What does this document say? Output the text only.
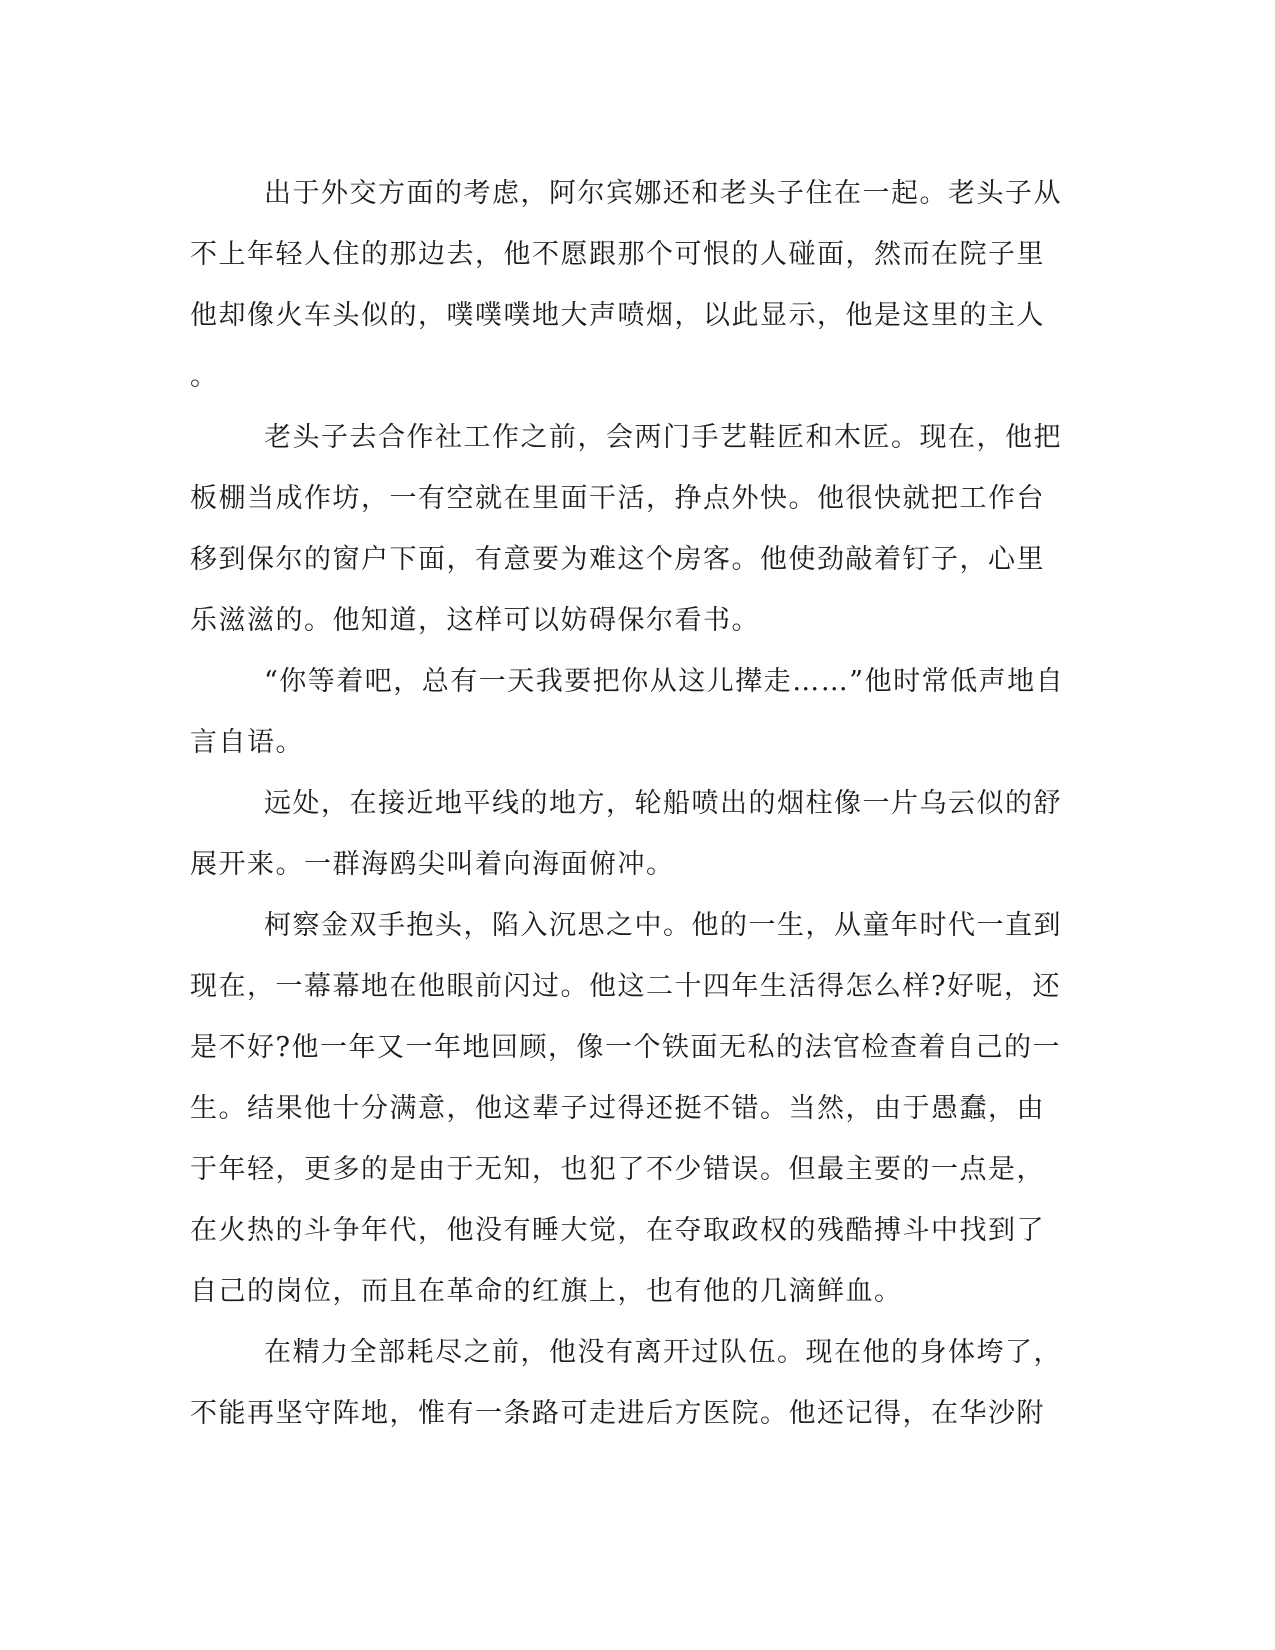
出于外交方面的考虑，阿尔宾娜还和老头子住在一起。老头子从
不上年轻人住的那边去，他不愿跟那个可恨的人碰面，然而在院子里
他却像火车头似的，噗噗噗地大声喷烟，以此显示，他是这里的主人
。
老头子去合作社工作之前，会两门手艺鞋匠和木匠。现在，他把
板棚当成作坊，一有空就在里面干活，挣点外快。他很快就把工作台
移到保尔的窗户下面，有意要为难这个房客。他使劲敲着钉子，心里
乐滋滋的。他知道，这样可以妨碍保尔看书。
“你等着吧，总有一天我要把你从这儿撵走……”他时常低声地自
言自语。
远处，在接近地平线的地方，轮船喷出的烟柱像一片乌云似的舒
展开来。一群海鸥尖叫着向海面俯冲。
柯察金双手抱头，陷入沉思之中。他的一生，从童年时代一直到
现在，一幕幕地在他眼前闪过。他这二十四年生活得怎么样?好呢，还
是不好?他一年又一年地回顾，像一个铁面无私的法官检查着自己的一
生。结果他十分满意，他这辈子过得还挺不错。当然，由于愚蠢，由
于年轻，更多的是由于无知，也犯了不少错误。但最主要的一点是，
在火热的斗争年代，他没有睡大觉，在夺取政权的残酷搏斗中找到了
自己的岗位，而且在革命的红旗上，也有他的几滴鲜血。
在精力全部耗尽之前，他没有离开过队伍。现在他的身体垮了，
不能再坚守阵地，惟有一条路可走进后方医院。他还记得，在华沙附
